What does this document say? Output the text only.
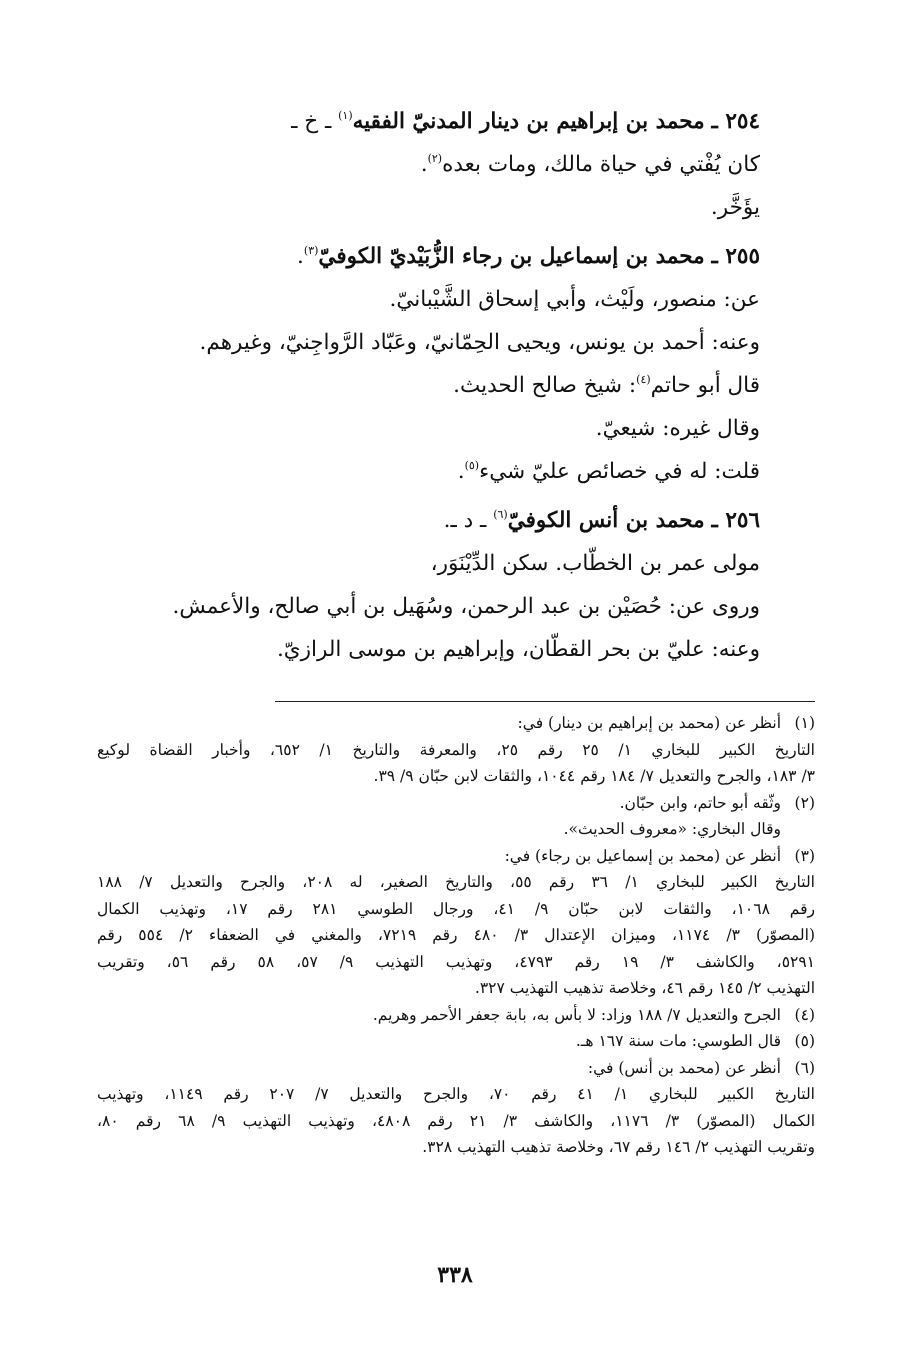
٢٥٤ ـ محمد بن إبراهيم بن دينار المدنيّ الفقيه$^{(١)}$ ـ خ ـ
كان يُفْتي في حياة مالك، ومات بعده$^{(٢)}$.
يؤَخَّر.
٢٥٥ ـ محمد بن إسماعيل بن رجاء الزُّبَيْديّ الكوفيّ$^{(٣)}$.
عن: منصور، ولَيْث، وأبي إسحاق الشَّيْبانيّ.
وعنه: أحمد بن يونس، ويحيى الحِمّانيّ، وعَبّاد الرَّواجِنيّ، وغيرهم.
قال أبو حاتم$^{(٤)}$: شيخ صالح الحديث.
وقال غيره: شيعيّ.
قلت: له في خصائص عليّ شيء$^{(٥)}$.
٢٥٦ ـ محمد بن أنس الكوفيّ$^{(٦)}$ ـ د ـ.
مولى عمر بن الخطّاب. سكن الدِّيْنَوَر،
وروى عن: حُصَيْن بن عبد الرحمن، وسُهَيل بن أبي صالح، والأعمش.
وعنه: عليّ بن بحر القطّان، وإبراهيم بن موسى الرازيّ.
(١)
أنظر عن (محمد بن إبراهيم بن دينار) في:
التاريخ الكبير للبخاري ١/ ٢٥ رقم ٢٥، والمعرفة والتاريخ ١/ ٦٥٢، وأخبار القضاة لوكيع
٣/ ١٨٣، والجرح والتعديل ٧/ ١٨٤ رقم ١٠٤٤، والثقات لابن حبّان ٩/ ٣٩.
(٢)
وثّقه أبو حاتم، وابن حبّان.
وقال البخاري: «معروف الحديث».
(٣)
أنظر عن (محمد بن إسماعيل بن رجاء) في:
التاريخ الكبير للبخاري ١/ ٣٦ رقم ٥٥، والتاريخ الصغير، له ٢٠٨، والجرح والتعديل ٧/ ١٨٨
رقم ١٠٦٨، والثقات لابن حبّان ٩/ ٤١، ورجال الطوسي ٢٨١ رقم ١٧، وتهذيب الكمال
(المصوّر) ٣/ ١١٧٤، وميزان الإعتدال ٣/ ٤٨٠ رقم ٧٢١٩، والمغني في الضعفاء ٢/ ٥٥٤ رقم
٥٢٩١، والكاشف ٣/ ١٩ رقم ٤٧٩٣، وتهذيب التهذيب ٩/ ٥٧، ٥٨ رقم ٥٦، وتقريب
التهذيب ٢/ ١٤٥ رقم ٤٦، وخلاصة تذهيب التهذيب ٣٢٧.
(٤)
الجرح والتعديل ٧/ ١٨٨ وزاد: لا بأس به، بابة جعفر الأحمر وهريم.
(٥)
قال الطوسي: مات سنة ١٦٧ هـ.
(٦)
أنظر عن (محمد بن أنس) في:
التاريخ الكبير للبخاري ١/ ٤١ رقم ٧٠، والجرح والتعديل ٧/ ٢٠٧ رقم ١١٤٩، وتهذيب
الكمال (المصوّر) ٣/ ١١٧٦، والكاشف ٣/ ٢١ رقم ٤٨٠٨، وتهذيب التهذيب ٩/ ٦٨ رقم ٨٠،
وتقريب التهذيب ٢/ ١٤٦ رقم ٦٧، وخلاصة تذهيب التهذيب ٣٢٨.
٣٣٨
